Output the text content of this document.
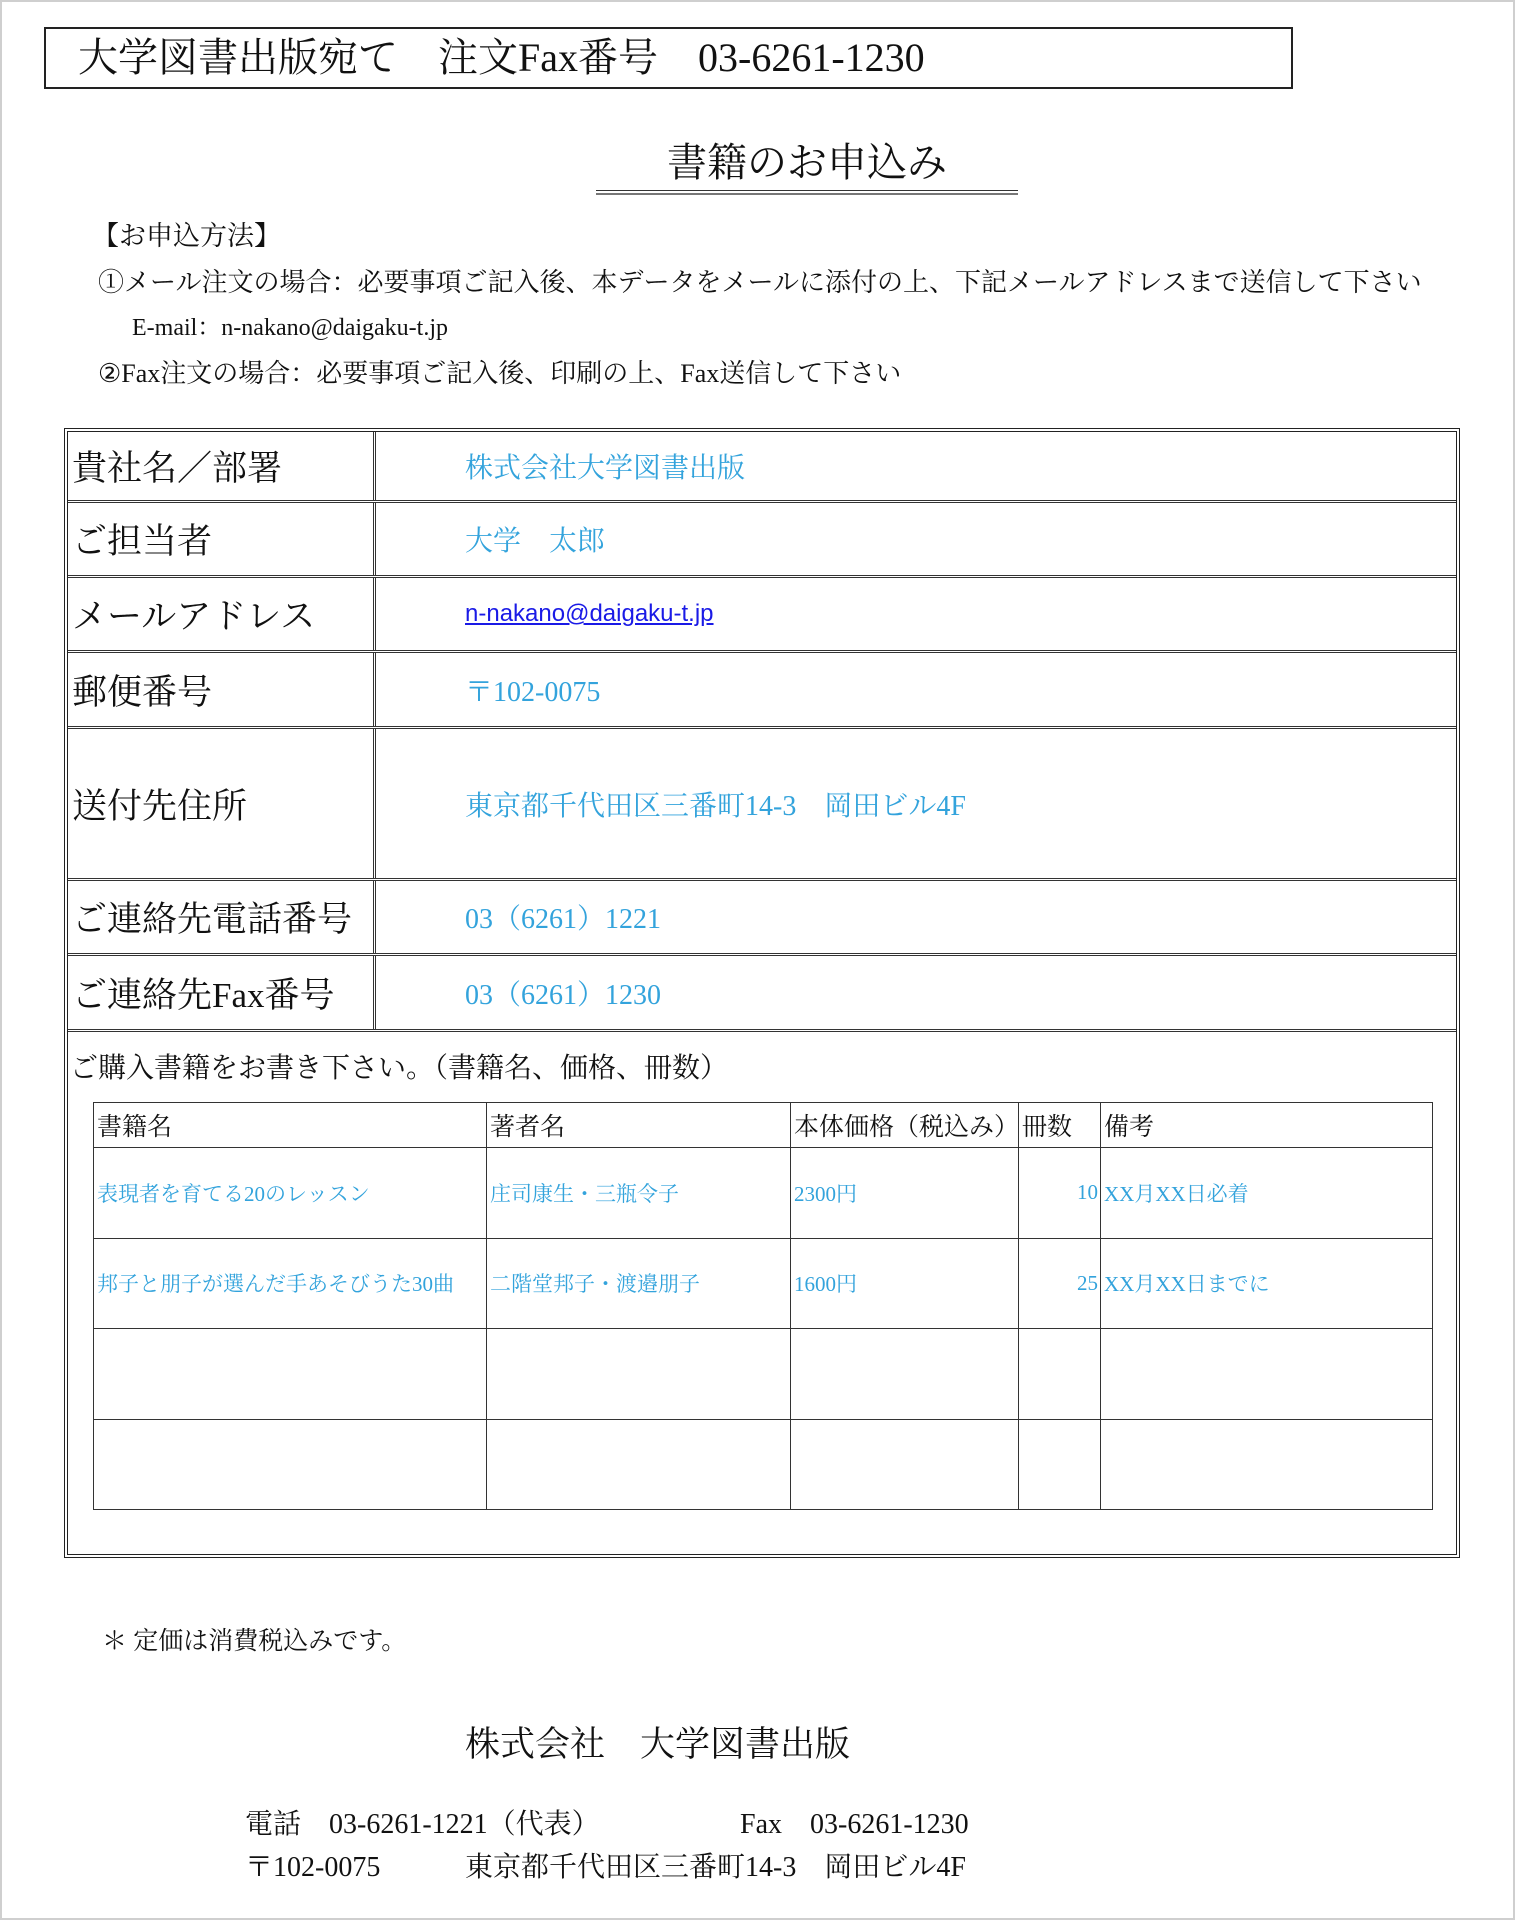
大学図書出版宛て　注文Fax番号　03-6261-1230
書籍のお申込み
【お申込方法】
①メール注文の場合：必要事項ご記入後、本データをメールに添付の上、下記メールアドレスまで送信して下さい
E-mail：n-nakano@daigaku-t.jp
②Fax注文の場合：必要事項ご記入後、印刷の上、Fax送信して下さい
貴社名／部署	株式会社大学図書出版
ご担当者	大学　太郎
メールアドレス	n-nakano@daigaku-t.jp
郵便番号	〒102-0075
送付先住所	東京都千代田区三番町14-3　岡田ビル4F
ご連絡先電話番号	03（6261）1221
ご連絡先Fax番号	03（6261）1230
ご購入書籍をお書き下さい。（書籍名、価格、冊数）
書籍名	著者名	本体価格（税込み）	冊数	備考
表現者を育てる20のレッスン	庄司康生・三瓶令子	2300円	10	XX月XX日必着
邦子と朋子が選んだ手あそびうた30曲	二階堂邦子・渡邉朋子	1600円	25	XX月XX日までに

＊ 定価は消費税込みです。
株式会社　大学図書出版
電話　03-6261-1221（代表）	Fax　03-6261-1230
〒102-0075	東京都千代田区三番町14-3　岡田ビル4F
